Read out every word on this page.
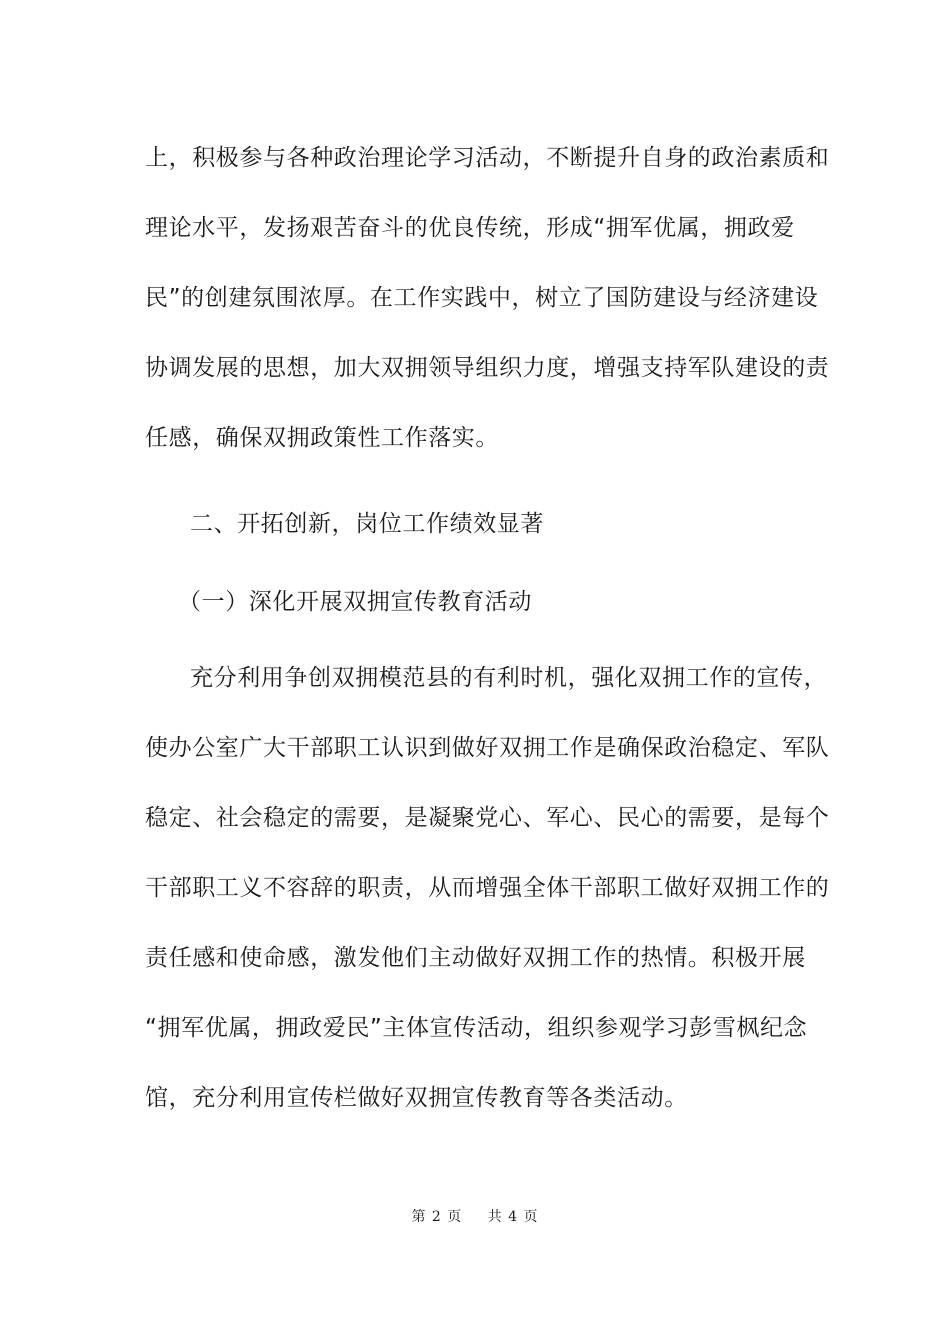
上，积极参与各种政治理论学习活动，不断提升自身的政治素质和
理论水平，发扬艰苦奋斗的优良传统，形成“拥军优属，拥政爱
民”的创建氛围浓厚。在工作实践中，树立了国防建设与经济建设
协调发展的思想，加大双拥领导组织力度，增强支持军队建设的责
任感，确保双拥政策性工作落实。
二、开拓创新，岗位工作绩效显著
（一）深化开展双拥宣传教育活动
充分利用争创双拥模范县的有利时机，强化双拥工作的宣传，
使办公室广大干部职工认识到做好双拥工作是确保政治稳定、军队
稳定、社会稳定的需要，是凝聚党心、军心、民心的需要，是每个
干部职工义不容辞的职责，从而增强全体干部职工做好双拥工作的
责任感和使命感，激发他们主动做好双拥工作的热情。积极开展
“拥军优属，拥政爱民”主体宣传活动，组织参观学习彭雪枫纪念
馆，充分利用宣传栏做好双拥宣传教育等各类活动。
第 2 页 共 4 页
